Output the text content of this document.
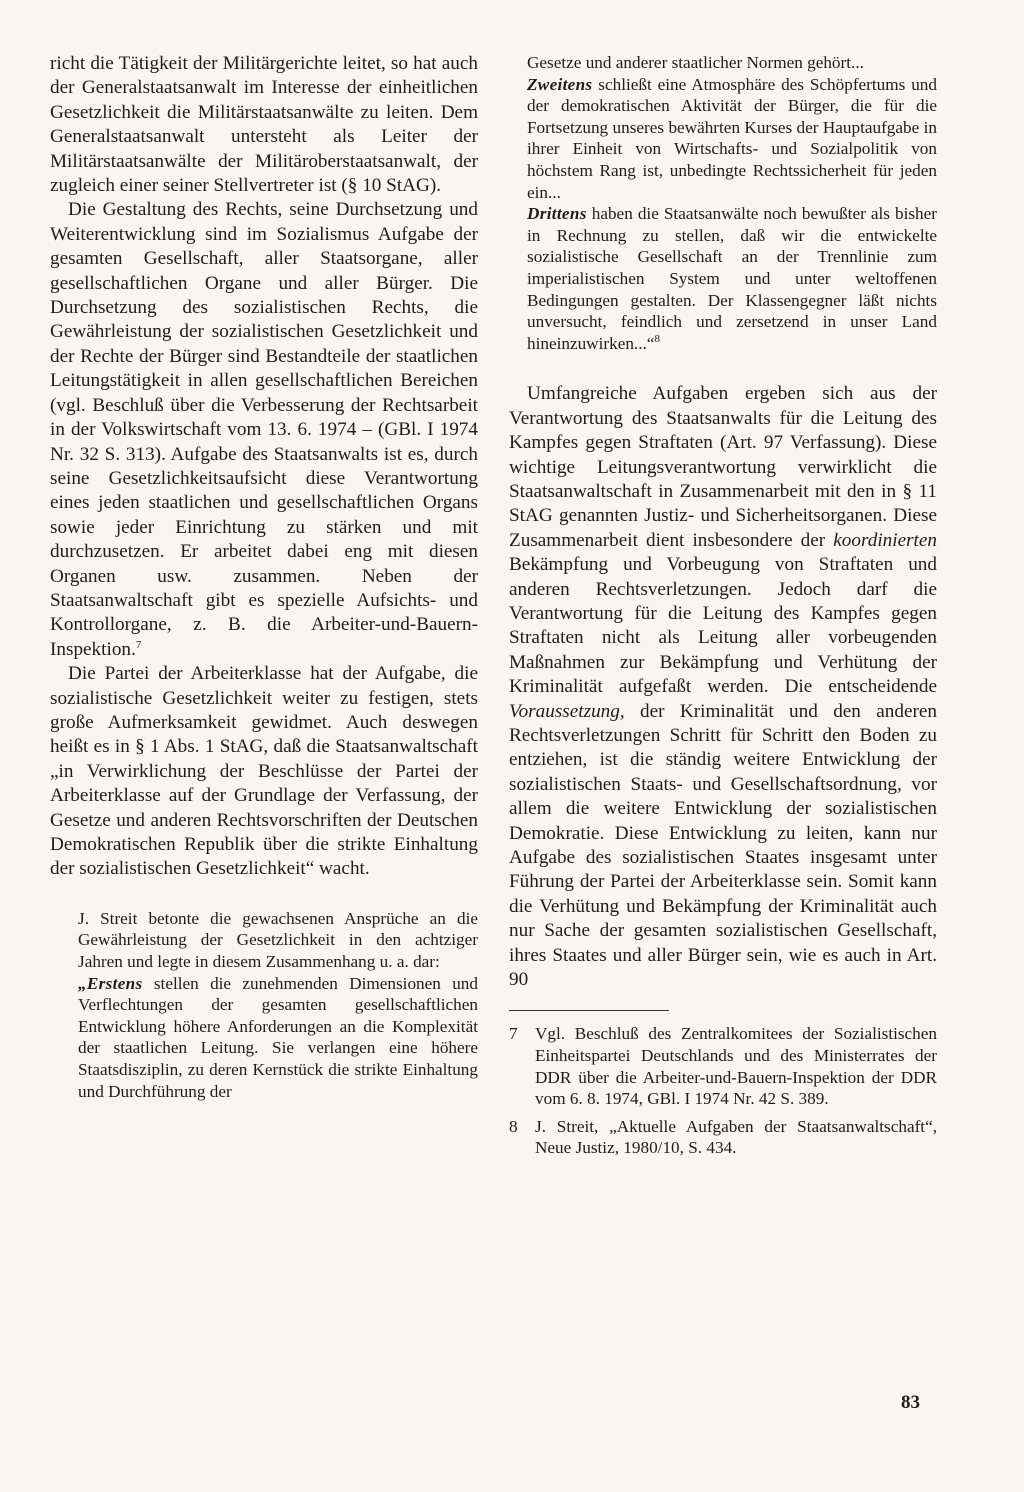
richt die Tätigkeit der Militärgerichte leitet, so hat auch der Generalstaatsanwalt im Interesse der einheitlichen Gesetzlichkeit die Militärstaatsanwälte zu leiten. Dem Generalstaatsanwalt untersteht als Leiter der Militärstaatsanwälte der Militäroberstaatsanwalt, der zugleich einer seiner Stellvertreter ist (§ 10 StAG).

Die Gestaltung des Rechts, seine Durchsetzung und Weiterentwicklung sind im Sozialismus Aufgabe der gesamten Gesellschaft, aller Staatsorgane, aller gesellschaftlichen Organe und aller Bürger. Die Durchsetzung des sozialistischen Rechts, die Gewährleistung der sozialistischen Gesetzlichkeit und der Rechte der Bürger sind Bestandteile der staatlichen Leitungstätigkeit in allen gesellschaftlichen Bereichen (vgl. Beschluß über die Verbesserung der Rechtsarbeit in der Volkswirtschaft vom 13. 6. 1974 – (GBl. I 1974 Nr. 32 S. 313). Aufgabe des Staatsanwalts ist es, durch seine Gesetzlichkeitsaufsicht diese Verantwortung eines jeden staatlichen und gesellschaftlichen Organs sowie jeder Einrichtung zu stärken und mit durchzusetzen. Er arbeitet dabei eng mit diesen Organen usw. zusammen. Neben der Staatsanwaltschaft gibt es spezielle Aufsichts- und Kontrollorgane, z. B. die Arbeiter-und-Bauern-Inspektion.$^7$

Die Partei der Arbeiterklasse hat der Aufgabe, die sozialistische Gesetzlichkeit weiter zu festigen, stets große Aufmerksamkeit gewidmet. Auch deswegen heißt es in § 1 Abs. 1 StAG, daß die Staatsanwaltschaft „in Verwirklichung der Beschlüsse der Partei der Arbeiterklasse auf der Grundlage der Verfassung, der Gesetze und anderen Rechtsvorschriften der Deutschen Demokratischen Republik über die strikte Einhaltung der sozialistischen Gesetzlichkeit“ wacht.

J. Streit betonte die gewachsenen Ansprüche an die Gewährleistung der Gesetzlichkeit in den achtziger Jahren und legte in diesem Zusammenhang u. a. dar:

„Erstens stellen die zunehmenden Dimensionen und Verflechtungen der gesamten gesellschaftlichen Entwicklung höhere Anforderungen an die Komplexität der staatlichen Leitung. Sie verlangen eine höhere Staatsdisziplin, zu deren Kernstück die strikte Einhaltung und Durchführung der

Gesetze und anderer staatlicher Normen gehört...

Zweitens schließt eine Atmosphäre des Schöpfertums und der demokratischen Aktivität der Bürger, die für die Fortsetzung unseres bewährten Kurses der Hauptaufgabe in ihrer Einheit von Wirtschafts- und Sozialpolitik von höchstem Rang ist, unbedingte Rechtssicherheit für jeden ein...

Drittens haben die Staatsanwälte noch bewußter als bisher in Rechnung zu stellen, daß wir die entwickelte sozialistische Gesellschaft an der Trennlinie zum imperialistischen System und unter weltoffenen Bedingungen gestalten. Der Klassengegner läßt nichts unversucht, feindlich und zersetzend in unser Land hineinzuwirken...“$^8$

Umfangreiche Aufgaben ergeben sich aus der Verantwortung des Staatsanwalts für die Leitung des Kampfes gegen Straftaten (Art. 97 Verfassung). Diese wichtige Leitungsverantwortung verwirklicht die Staatsanwaltschaft in Zusammenarbeit mit den in § 11 StAG genannten Justiz- und Sicherheitsorganen. Diese Zusammenarbeit dient insbesondere der koordinierten Bekämpfung und Vorbeugung von Straftaten und anderen Rechtsverletzungen. Jedoch darf die Verantwortung für die Leitung des Kampfes gegen Straftaten nicht als Leitung aller vorbeugenden Maßnahmen zur Bekämpfung und Verhütung der Kriminalität aufgefaßt werden. Die entscheidende Voraussetzung, der Kriminalität und den anderen Rechtsverletzungen Schritt für Schritt den Boden zu entziehen, ist die ständig weitere Entwicklung der sozialistischen Staats- und Gesellschaftsordnung, vor allem die weitere Entwicklung der sozialistischen Demokratie. Diese Entwicklung zu leiten, kann nur Aufgabe des sozialistischen Staates insgesamt unter Führung der Partei der Arbeiterklasse sein. Somit kann die Verhütung und Bekämpfung der Kriminalität auch nur Sache der gesamten sozialistischen Gesellschaft, ihres Staates und aller Bürger sein, wie es auch in Art. 90

7	Vgl. Beschluß des Zentralkomitees der Sozialistischen Einheitspartei Deutschlands und des Ministerrates der DDR über die Arbeiter-und-Bauern-Inspektion der DDR vom 6. 8. 1974, GBl. I 1974 Nr. 42 S. 389.
8	J. Streit, „Aktuelle Aufgaben der Staatsanwaltschaft“, Neue Justiz, 1980/10, S. 434.
83
